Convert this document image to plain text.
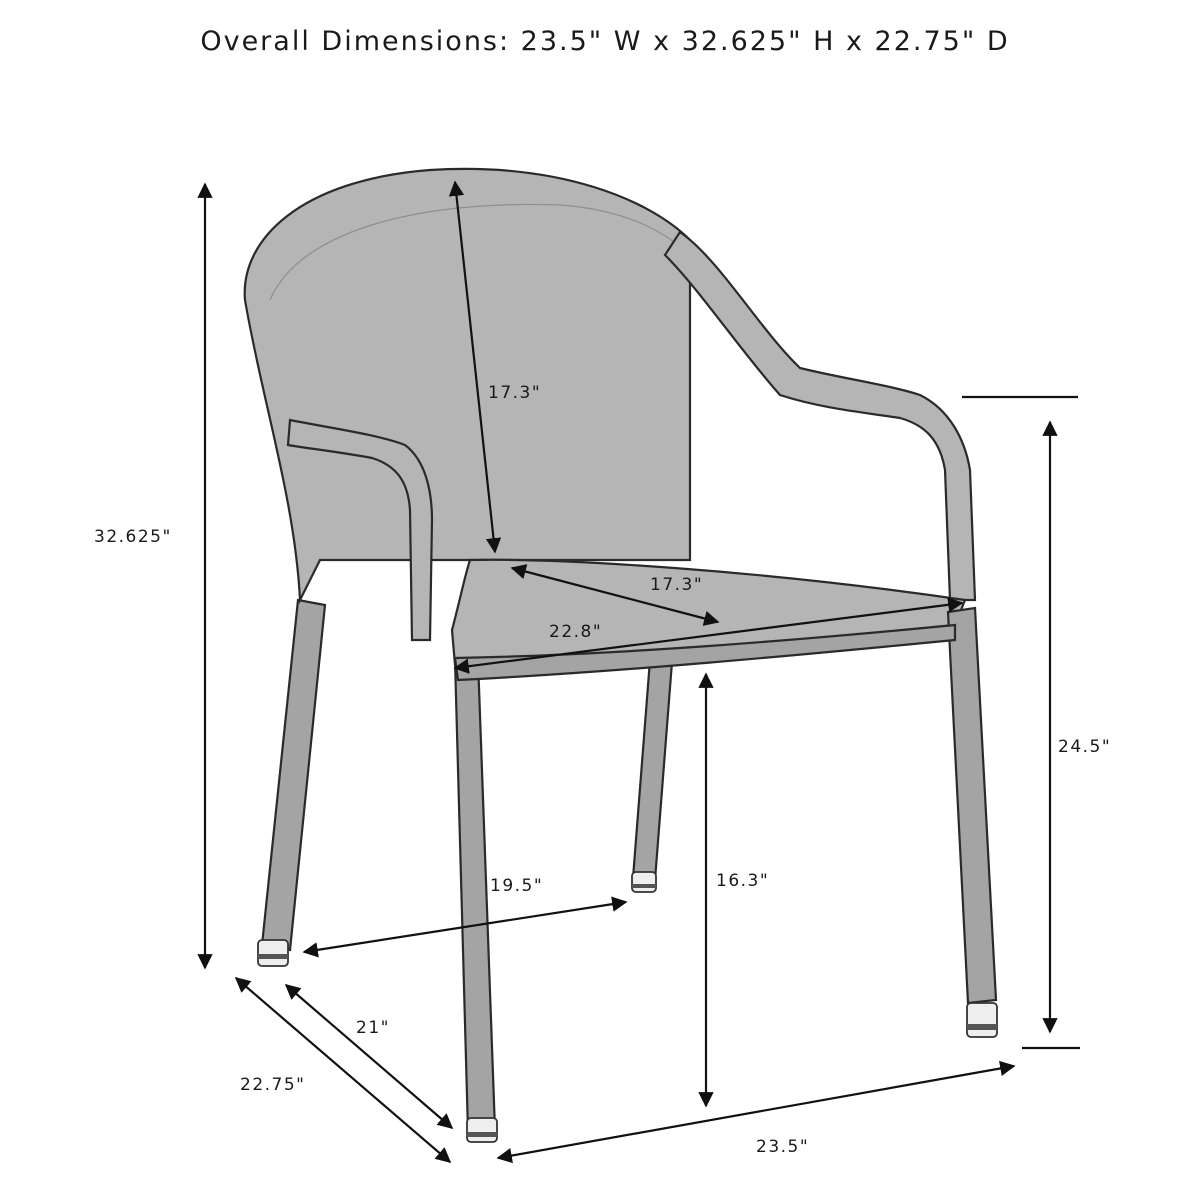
Overall Dimensions: 23.5" W x 32.625" H x 22.75" D
32.625"
17.3"
17.3"
22.8"
24.5"
16.3"
19.5"
21"
22.75"
23.5"
